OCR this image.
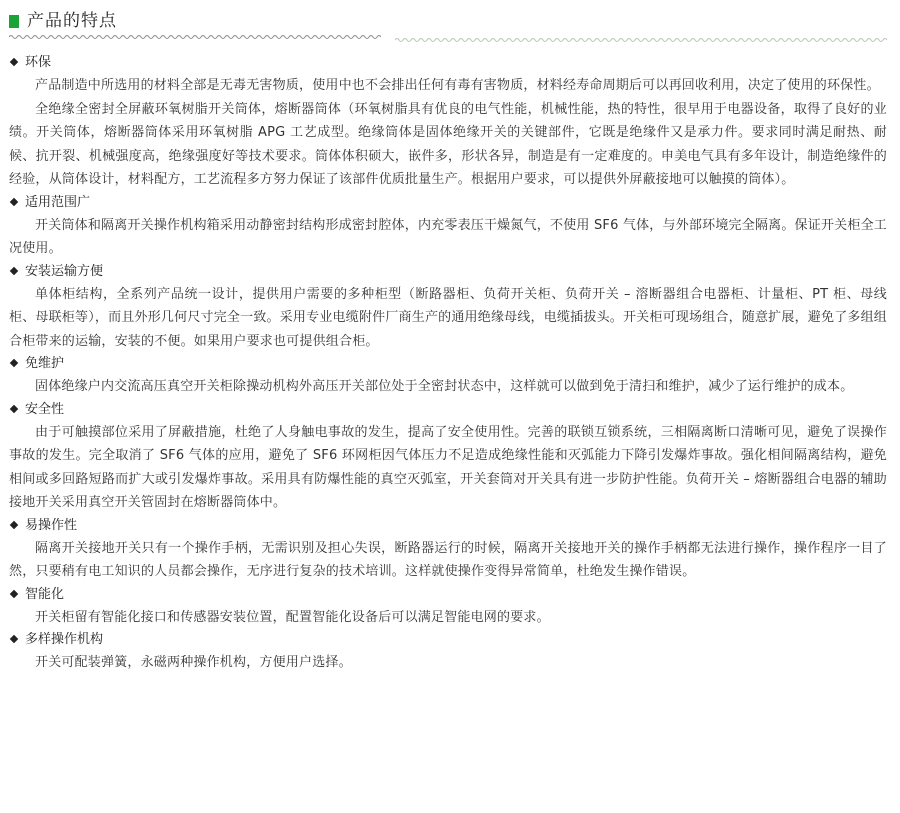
产品的特点
环保

产品制造中所选用的材料全部是无毒无害物质，使用中也不会排出任何有毒有害物质，材料经寿命周期后可以再回收利用，决定了使用的环保性。

全绝缘全密封全屏蔽环氧树脂开关筒体，熔断器筒体（环氧树脂具有优良的电气性能，机械性能，热的特性，很早用于电器设备，取得了良好的业绩。开关筒体，熔断器筒体采用环氧树脂 APG 工艺成型。绝缘筒体是固体绝缘开关的关键部件，它既是绝缘件又是承力件。要求同时满足耐热、耐候、抗开裂、机械强度高，绝缘强度好等技术要求。筒体体积硕大，嵌件多，形状各异，制造是有一定难度的。申美电气具有多年设计，制造绝缘件的经验，从筒体设计，材料配方，工艺流程多方努力保证了该部件优质批量生产。根据用户要求，可以提供外屏蔽接地可以触摸的筒体）。

适用范围广

开关筒体和隔离开关操作机构箱采用动静密封结构形成密封腔体，内充零表压干燥氮气，不使用 SF6 气体，与外部环境完全隔离。保证开关柜全工况使用。

安装运输方便

单体柜结构，全系列产品统一设计，提供用户需要的多种柜型（断路器柜、负荷开关柜、负荷开关 – 溶断器组合电器柜、计量柜、PT 柜、母线柜、母联柜等），而且外形几何尺寸完全一致。采用专业电缆附件厂商生产的通用绝缘母线，电缆插拔头。开关柜可现场组合，随意扩展，避免了多组组合柜带来的运输，安装的不便。如果用户要求也可提供组合柜。

免维护

固体绝缘户内交流高压真空开关柜除操动机构外高压开关部位处于全密封状态中，这样就可以做到免于清扫和维护，减少了运行维护的成本。

安全性

由于可触摸部位采用了屏蔽措施，杜绝了人身触电事故的发生，提高了安全使用性。完善的联锁互锁系统，三相隔离断口清晰可见，避免了误操作事故的发生。完全取消了 SF6 气体的应用，避免了 SF6 环网柜因气体压力不足造成绝缘性能和灭弧能力下降引发爆炸事故。强化相间隔离结构，避免相间或多回路短路而扩大或引发爆炸事故。采用具有防爆性能的真空灭弧室，开关套筒对开关具有进一步防护性能。负荷开关 – 熔断器组合电器的辅助接地开关采用真空开关管固封在熔断器筒体中。

易操作性

隔离开关接地开关只有一个操作手柄，无需识别及担心失误，断路器运行的时候，隔离开关接地开关的操作手柄都无法进行操作，操作程序一目了然，只要稍有电工知识的人员都会操作，无序进行复杂的技术培训。这样就使操作变得异常简单，杜绝发生操作错误。

智能化

开关柜留有智能化接口和传感器安装位置，配置智能化设备后可以满足智能电网的要求。

多样操作机构

开关可配装弹簧，永磁两种操作机构，方便用户选择。
